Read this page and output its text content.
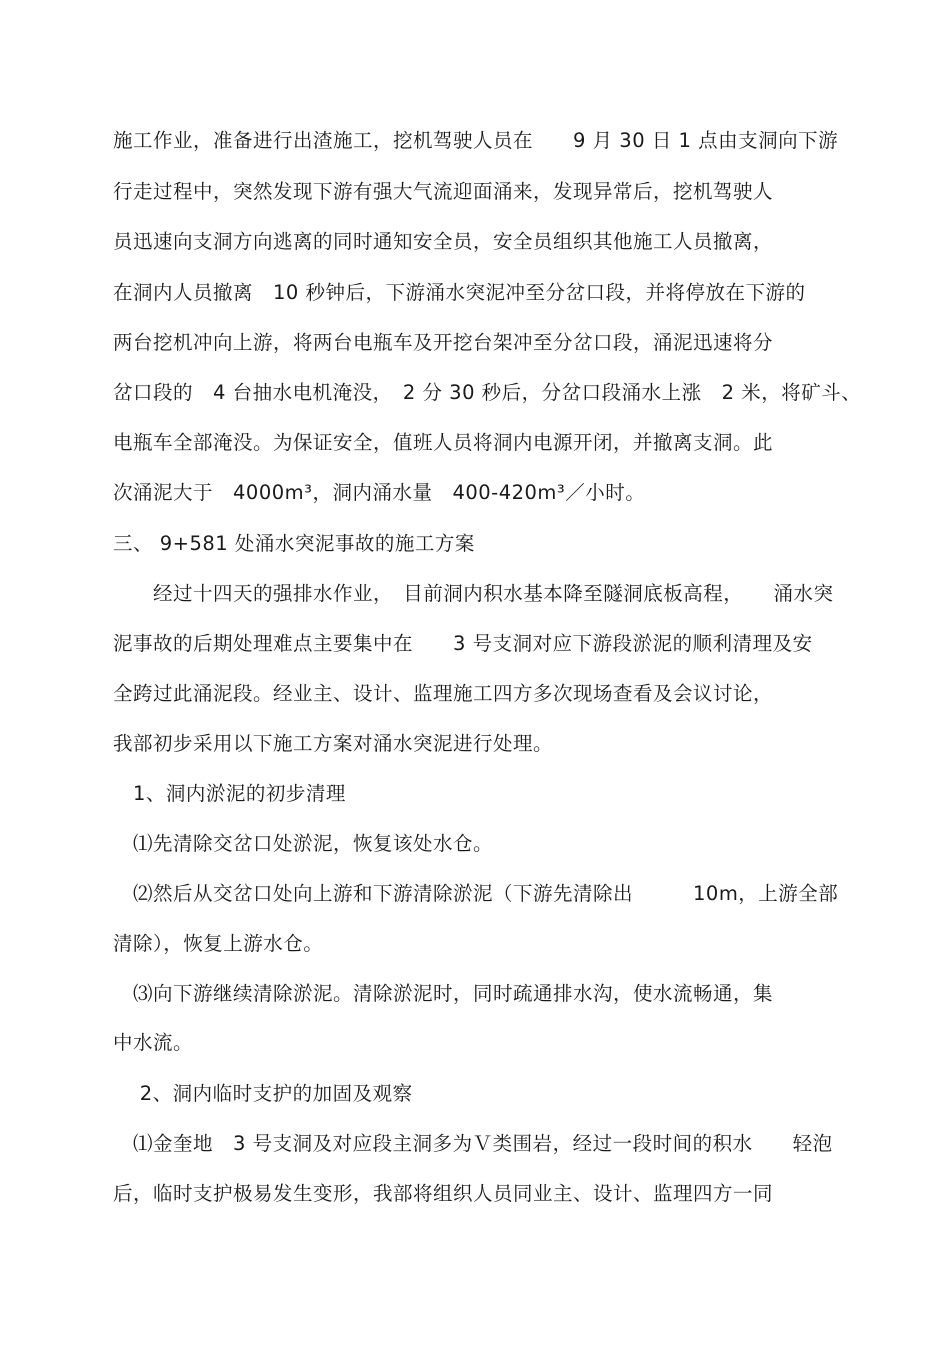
施工作业，准备进行出渣施工，挖机驾驶人员在　　9 月 30 日 1 点由支洞向下游
行走过程中，突然发现下游有强大气流迎面涌来，发现异常后，挖机驾驶人
员迅速向支洞方向逃离的同时通知安全员，安全员组织其他施工人员撤离，
在洞内人员撤离　10 秒钟后，下游涌水突泥冲至分岔口段，并将停放在下游的
两台挖机冲向上游，将两台电瓶车及开挖台架冲至分岔口段，涌泥迅速将分
岔口段的　4 台抽水电机淹没，　2 分 30 秒后，分岔口段涌水上涨　2 米，将矿斗、
电瓶车全部淹没。为保证安全，值班人员将洞内电源开闭，并撤离支洞。此
次涌泥大于　4000m³，洞内涌水量　400-420m³／小时。
三、 9+581 处涌水突泥事故的施工方案
　　经过十四天的强排水作业，　目前洞内积水基本降至隧洞底板高程，　　涌水突
泥事故的后期处理难点主要集中在　　3 号支洞对应下游段淤泥的顺利清理及安
全跨过此涌泥段。经业主、设计、监理施工四方多次现场查看及会议讨论，
我部初步采用以下施工方案对涌水突泥进行处理。
　1、洞内淤泥的初步清理
　⑴先清除交岔口处淤泥，恢复该处水仓。
　⑵然后从交岔口处向上游和下游清除淤泥（下游先清除出　　　10m，上游全部
清除），恢复上游水仓。
　⑶向下游继续清除淤泥。清除淤泥时，同时疏通排水沟，使水流畅通，集
中水流。
　 2、洞内临时支护的加固及观察
　⑴金奎地　3 号支洞及对应段主洞多为Ｖ类围岩，经过一段时间的积水　　轻泡
后，临时支护极易发生变形，我部将组织人员同业主、设计、监理四方一同
